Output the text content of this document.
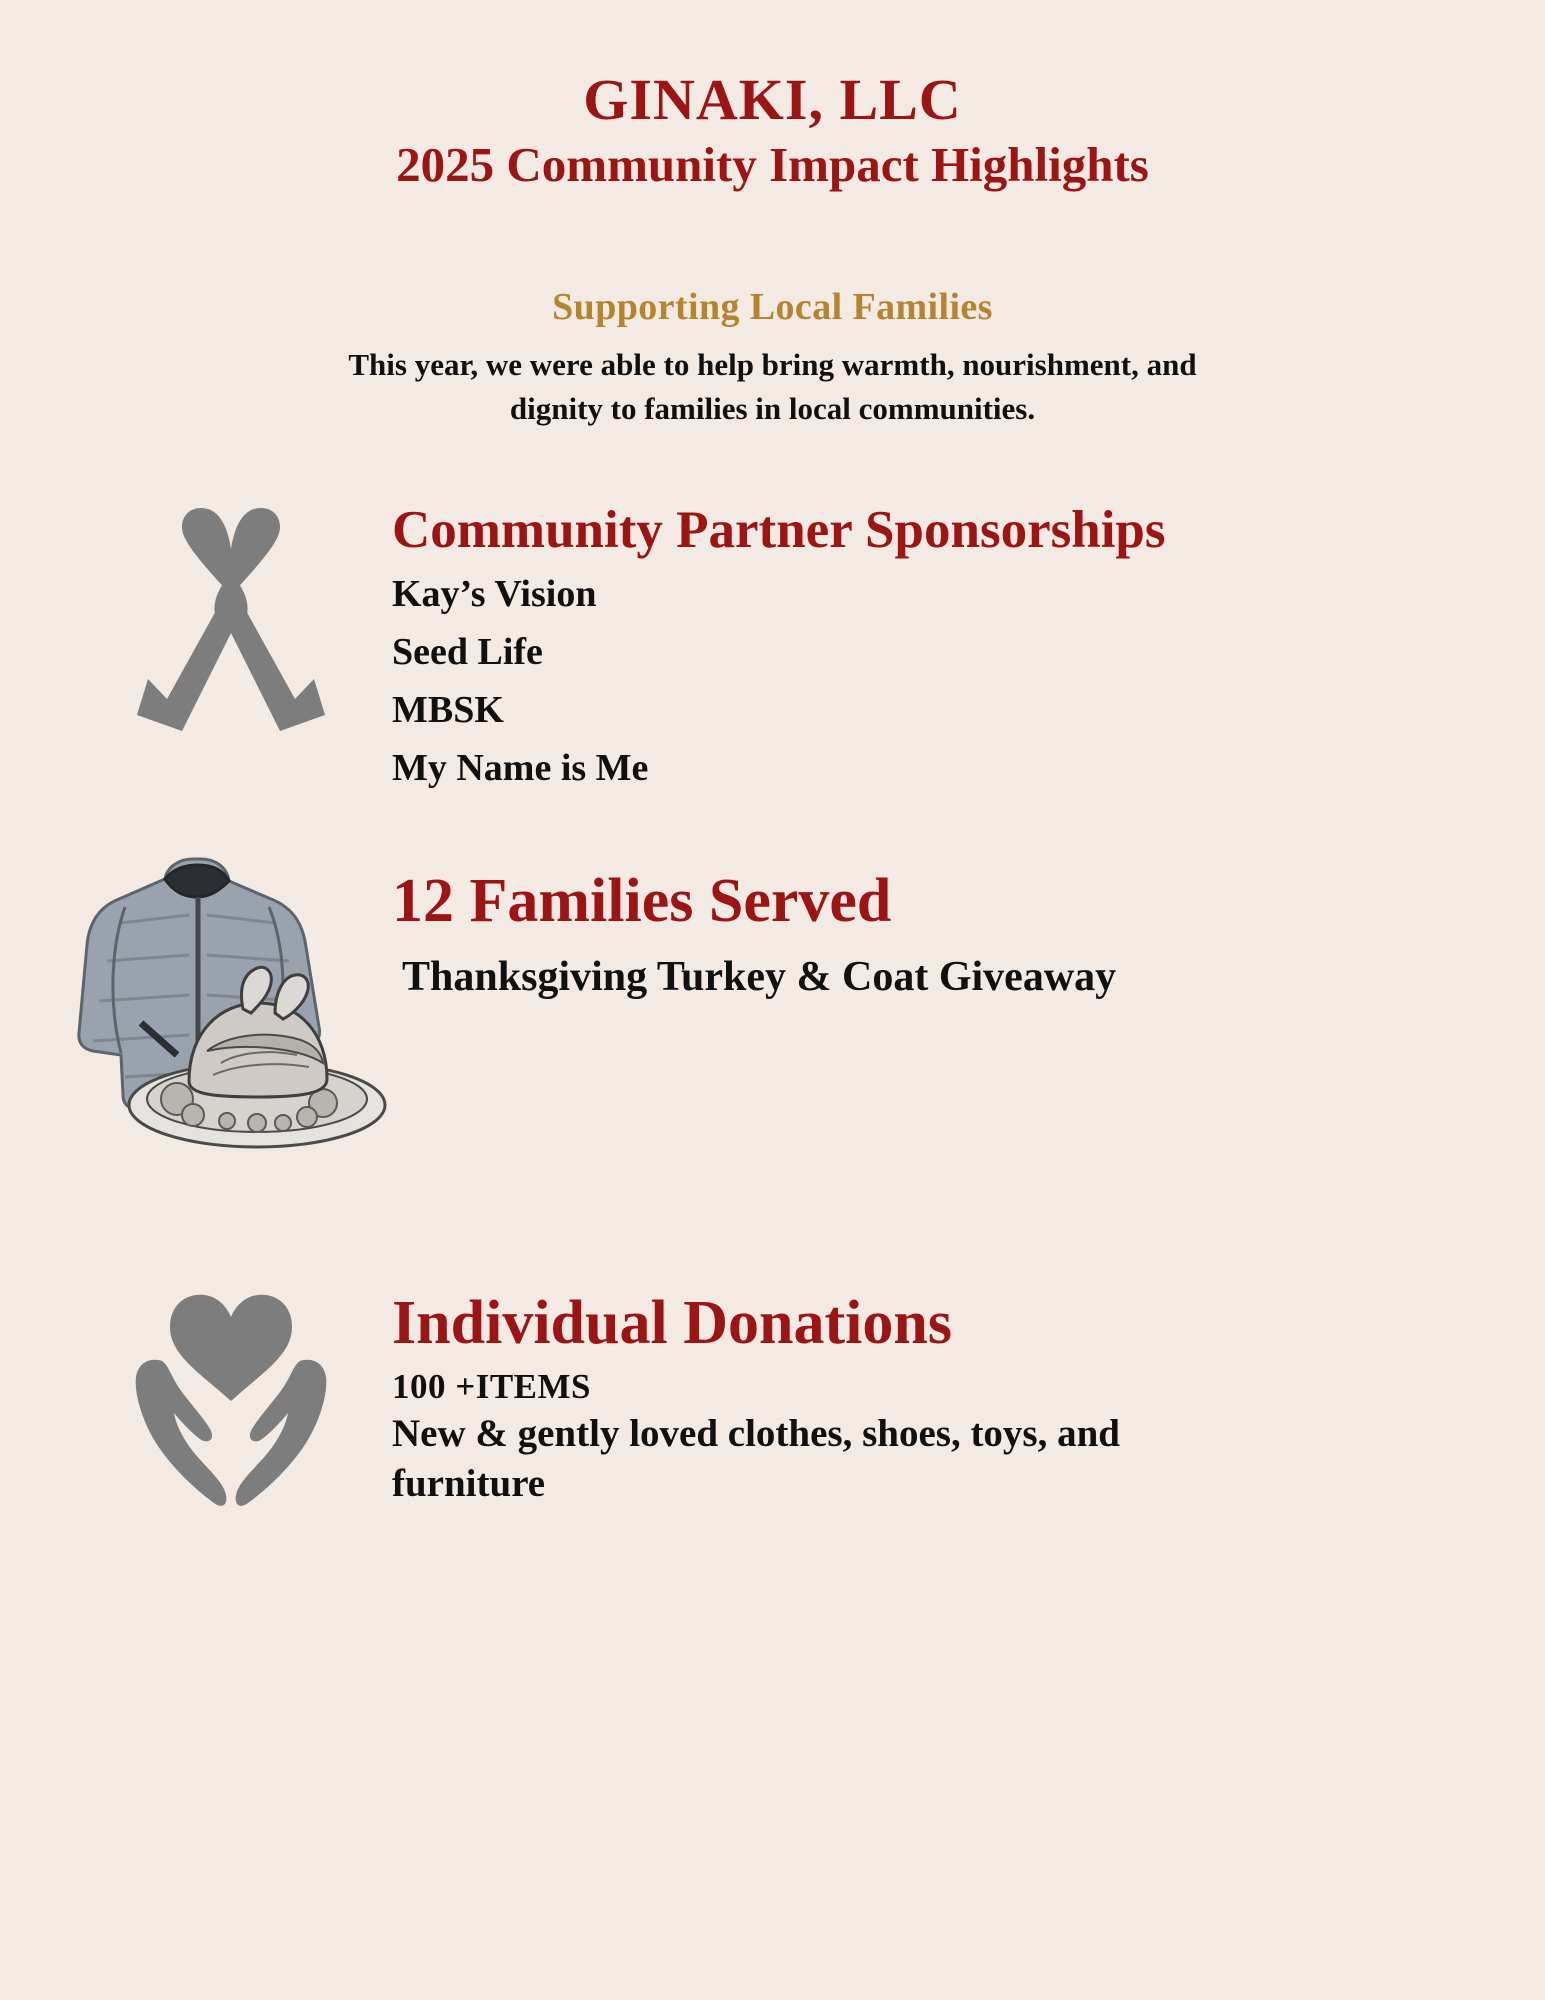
GINAKI, LLC
2025 Community Impact Highlights
Supporting Local Families
This year, we were able to help bring warmth, nourishment, and dignity to families in local communities.
Community Partner Sponsorships
Kay’s Vision
Seed Life
MBSK
My Name is Me
12 Families Served
Thanksgiving Turkey & Coat Giveaway
Individual Donations
100 +ITEMS
New & gently loved clothes, shoes, toys, and furniture
